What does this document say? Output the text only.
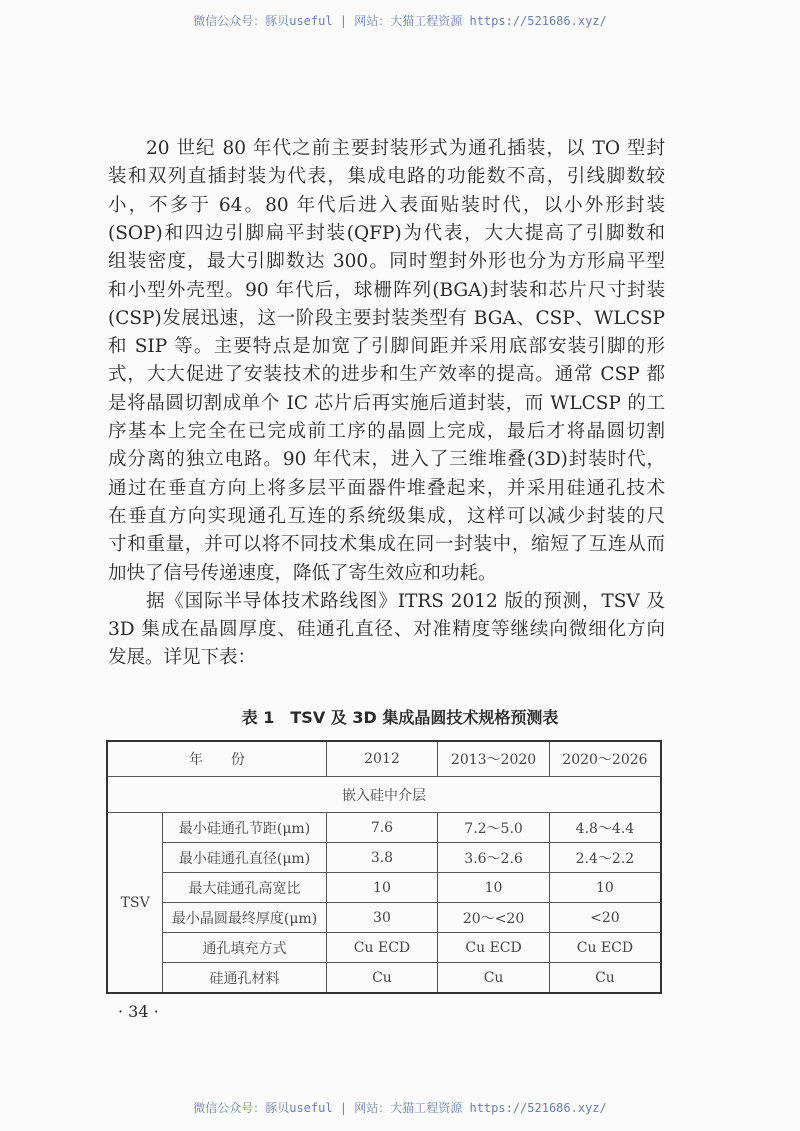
微信公众号：豚贝useful | 网站：大猫工程资源 https://521686.xyz/
20 世纪 80 年代之前主要封装形式为通孔插装，以 TO 型封
装和双列直插封装为代表，集成电路的功能数不高，引线脚数较
小，不多于 64。80 年代后进入表面贴装时代，以小外形封装
(SOP)和四边引脚扁平封装(QFP)为代表，大大提高了引脚数和
组装密度，最大引脚数达 300。同时塑封外形也分为方形扁平型
和小型外壳型。90 年代后，球栅阵列(BGA)封装和芯片尺寸封装
(CSP)发展迅速，这一阶段主要封装类型有 BGA、CSP、WLCSP
和 SIP 等。主要特点是加宽了引脚间距并采用底部安装引脚的形
式，大大促进了安装技术的进步和生产效率的提高。通常 CSP 都
是将晶圆切割成单个 IC 芯片后再实施后道封装，而 WLCSP 的工
序基本上完全在已完成前工序的晶圆上完成，最后才将晶圆切割
成分离的独立电路。90 年代末，进入了三维堆叠(3D)封装时代，
通过在垂直方向上将多层平面器件堆叠起来，并采用硅通孔技术
在垂直方向实现通孔互连的系统级集成，这样可以减少封装的尺
寸和重量，并可以将不同技术集成在同一封装中，缩短了互连从而
加快了信号传递速度，降低了寄生效应和功耗。
据《国际半导体技术路线图》ITRS 2012 版的预测，TSV 及
3D 集成在晶圆厚度、硅通孔直径、对准精度等继续向微细化方向
发展。详见下表：
表 1　TSV 及 3D 集成晶圆技术规格预测表
年　　份		2012	2013～2020	2020～2026
嵌入硅中介层				
TSV	最小硅通孔节距(μm)	7.6	7.2～5.0	4.8～4.4
	最小硅通孔直径(μm)	3.8	3.6～2.6	2.4～2.2
	最大硅通孔高宽比	10	10	10
	最小晶圆最终厚度(μm)	30	20～<20	<20
	通孔填充方式	Cu ECD	Cu ECD	Cu ECD
	硅通孔材料	Cu	Cu	Cu
· 34 ·
微信公众号：豚贝useful | 网站：大猫工程资源 https://521686.xyz/
